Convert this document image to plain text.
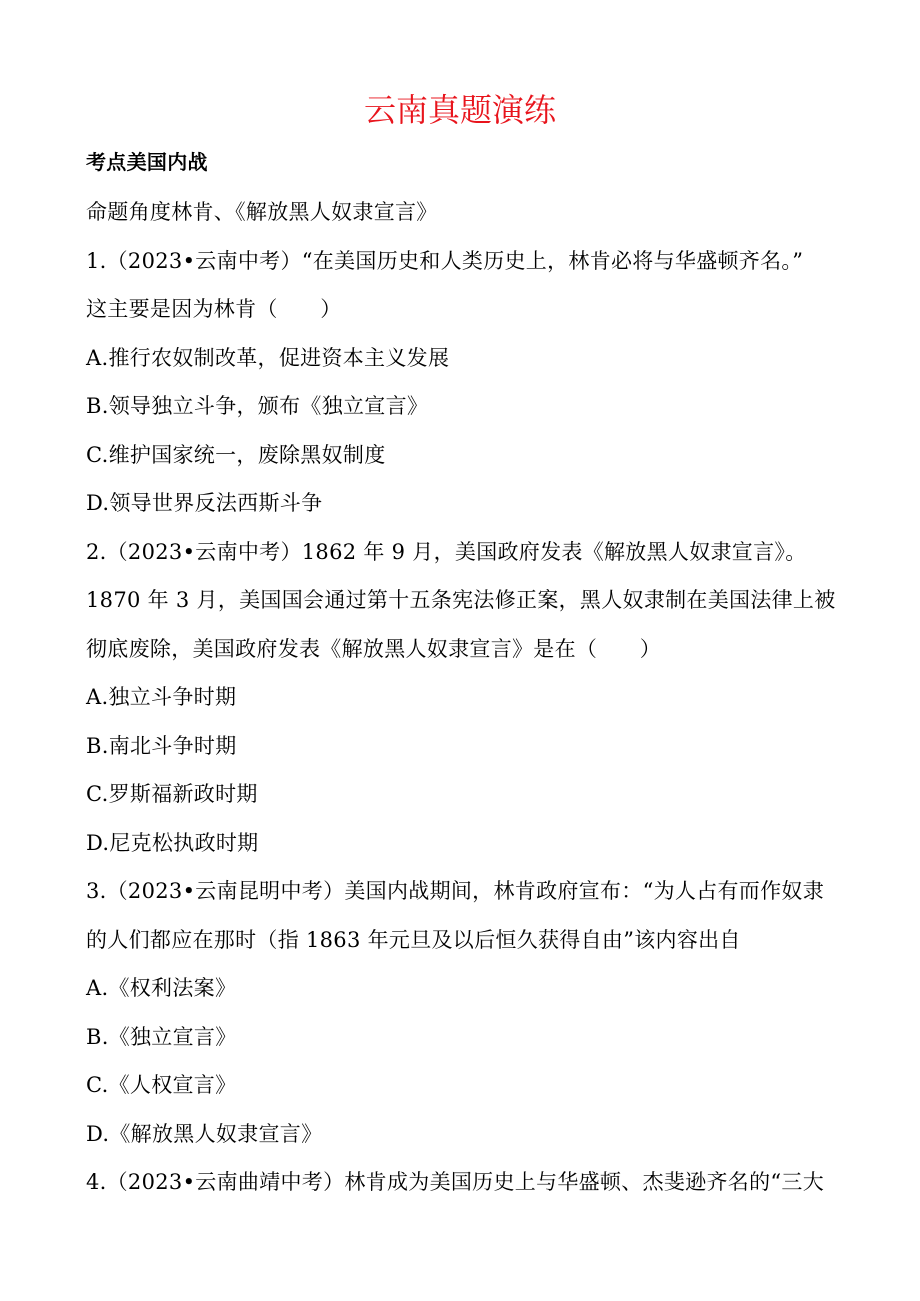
云南真题演练
考点美国内战
命题角度林肯、《解放黑人奴隶宣言》
1.（2023•云南中考）“在美国历史和人类历史上，林肯必将与华盛顿齐名。”
这主要是因为林肯（　　）
A.推行农奴制改革，促进资本主义发展
B.领导独立斗争，颁布《独立宣言》
C.维护国家统一，废除黑奴制度
D.领导世界反法西斯斗争
2.（2023•云南中考）1862 年 9 月，美国政府发表《解放黑人奴隶宣言》。
1870 年 3 月，美国国会通过第十五条宪法修正案，黑人奴隶制在美国法律上被
彻底废除，美国政府发表《解放黑人奴隶宣言》是在（　　）
A.独立斗争时期
B.南北斗争时期
C.罗斯福新政时期
D.尼克松执政时期
3.（2023•云南昆明中考）美国内战期间，林肯政府宣布：“为人占有而作奴隶
的人们都应在那时（指 1863 年元旦及以后恒久获得自由”该内容出自
A.《权利法案》
B.《独立宣言》
C.《人权宣言》
D.《解放黑人奴隶宣言》
4.（2023•云南曲靖中考）林肯成为美国历史上与华盛顿、杰斐逊齐名的“三大
